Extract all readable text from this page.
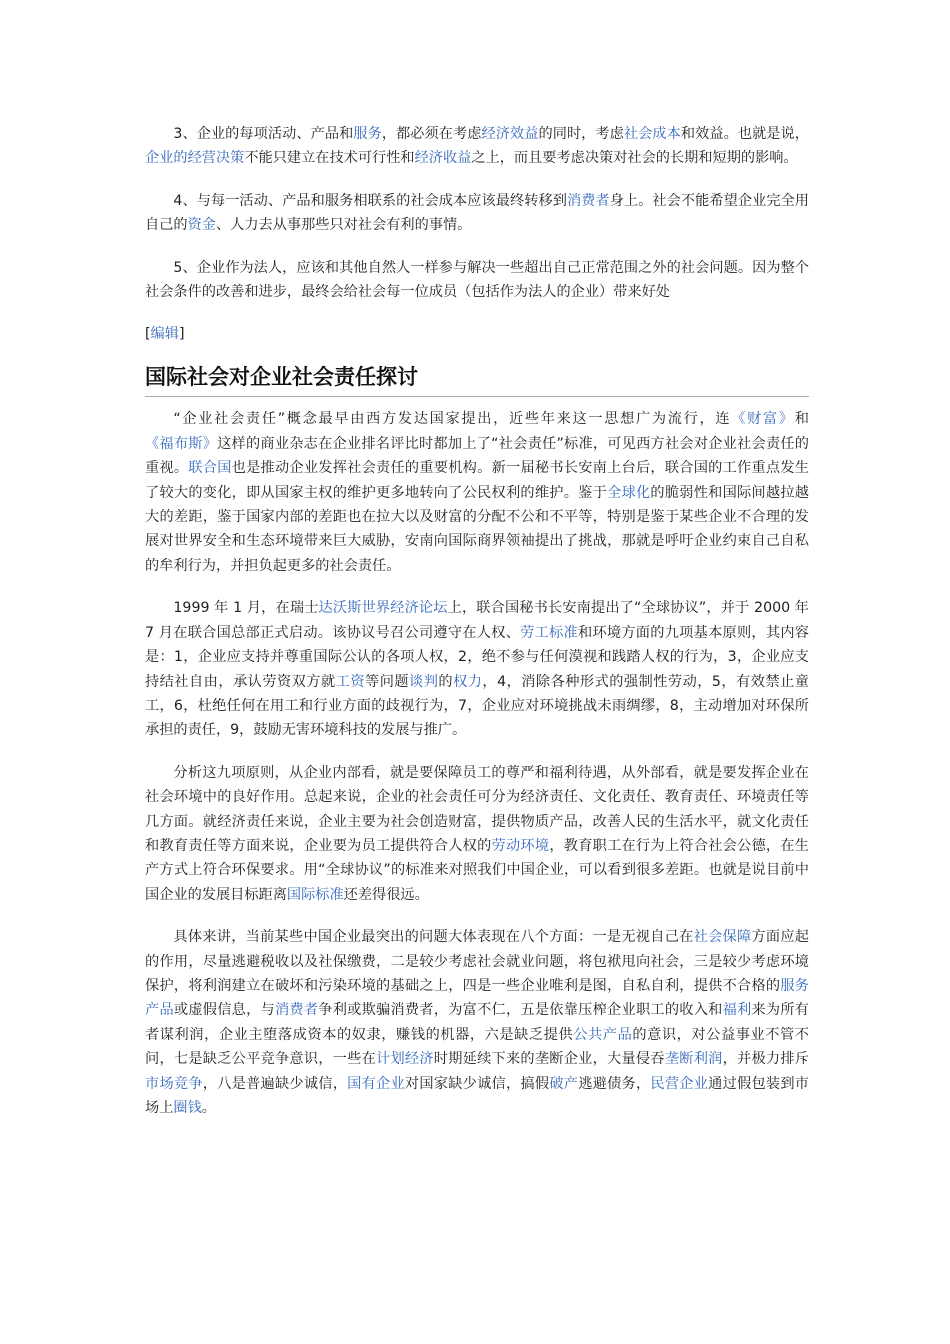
3、企业的每项活动、产品和服务，都必须在考虑经济效益的同时，考虑社会成本和效益。也就是说，企业的经营决策不能只建立在技术可行性和经济收益之上，而且要考虑决策对社会的长期和短期的影响。

4、与每一活动、产品和服务相联系的社会成本应该最终转移到消费者身上。社会不能希望企业完全用自己的资金、人力去从事那些只对社会有利的事情。

5、企业作为法人，应该和其他自然人一样参与解决一些超出自己正常范围之外的社会问题。因为整个社会条件的改善和进步，最终会给社会每一位成员（包括作为法人的企业）带来好处

[编辑]
国际社会对企业社会责任探讨

“企业社会责任”概念最早由西方发达国家提出，近些年来这一思想广为流行，连《财富》和《福布斯》这样的商业杂志在企业排名评比时都加上了“社会责任”标准，可见西方社会对企业社会责任的重视。联合国也是推动企业发挥社会责任的重要机构。新一届秘书长安南上台后，联合国的工作重点发生了较大的变化，即从国家主权的维护更多地转向了公民权利的维护。鉴于全球化的脆弱性和国际间越拉越大的差距，鉴于国家内部的差距也在拉大以及财富的分配不公和不平等，特别是鉴于某些企业不合理的发展对世界安全和生态环境带来巨大威胁，安南向国际商界领袖提出了挑战，那就是呼吁企业约束自己自私的牟利行为，并担负起更多的社会责任。

1999 年 1 月，在瑞士达沃斯世界经济论坛上，联合国秘书长安南提出了“全球协议”，并于 2000 年 7 月在联合国总部正式启动。该协议号召公司遵守在人权、劳工标准和环境方面的九项基本原则，其内容是：1，企业应支持并尊重国际公认的各项人权，2，绝不参与任何漠视和践踏人权的行为，3，企业应支持结社自由，承认劳资双方就工资等问题谈判的权力，4，消除各种形式的强制性劳动，5，有效禁止童工，6，杜绝任何在用工和行业方面的歧视行为，7，企业应对环境挑战未雨绸缪，8，主动增加对环保所承担的责任，9，鼓励无害环境科技的发展与推广。

分析这九项原则，从企业内部看，就是要保障员工的尊严和福利待遇，从外部看，就是要发挥企业在社会环境中的良好作用。总起来说，企业的社会责任可分为经济责任、文化责任、教育责任、环境责任等几方面。就经济责任来说，企业主要为社会创造财富，提供物质产品，改善人民的生活水平，就文化责任和教育责任等方面来说，企业要为员工提供符合人权的劳动环境，教育职工在行为上符合社会公德，在生产方式上符合环保要求。用“全球协议”的标准来对照我们中国企业，可以看到很多差距。也就是说目前中国企业的发展目标距离国际标准还差得很远。

具体来讲，当前某些中国企业最突出的问题大体表现在八个方面：一是无视自己在社会保障方面应起的作用，尽量逃避税收以及社保缴费，二是较少考虑社会就业问题，将包袱甩向社会，三是较少考虑环境保护，将利润建立在破坏和污染环境的基础之上，四是一些企业唯利是图，自私自利，提供不合格的服务产品或虚假信息，与消费者争利或欺骗消费者，为富不仁，五是依靠压榨企业职工的收入和福利来为所有者谋利润，企业主堕落成资本的奴隶，赚钱的机器，六是缺乏提供公共产品的意识，对公益事业不管不问，七是缺乏公平竞争意识，一些在计划经济时期延续下来的垄断企业，大量侵吞垄断利润，并极力排斥市场竞争，八是普遍缺少诚信，国有企业对国家缺少诚信，搞假破产逃避债务，民营企业通过假包装到市场上圈钱。
